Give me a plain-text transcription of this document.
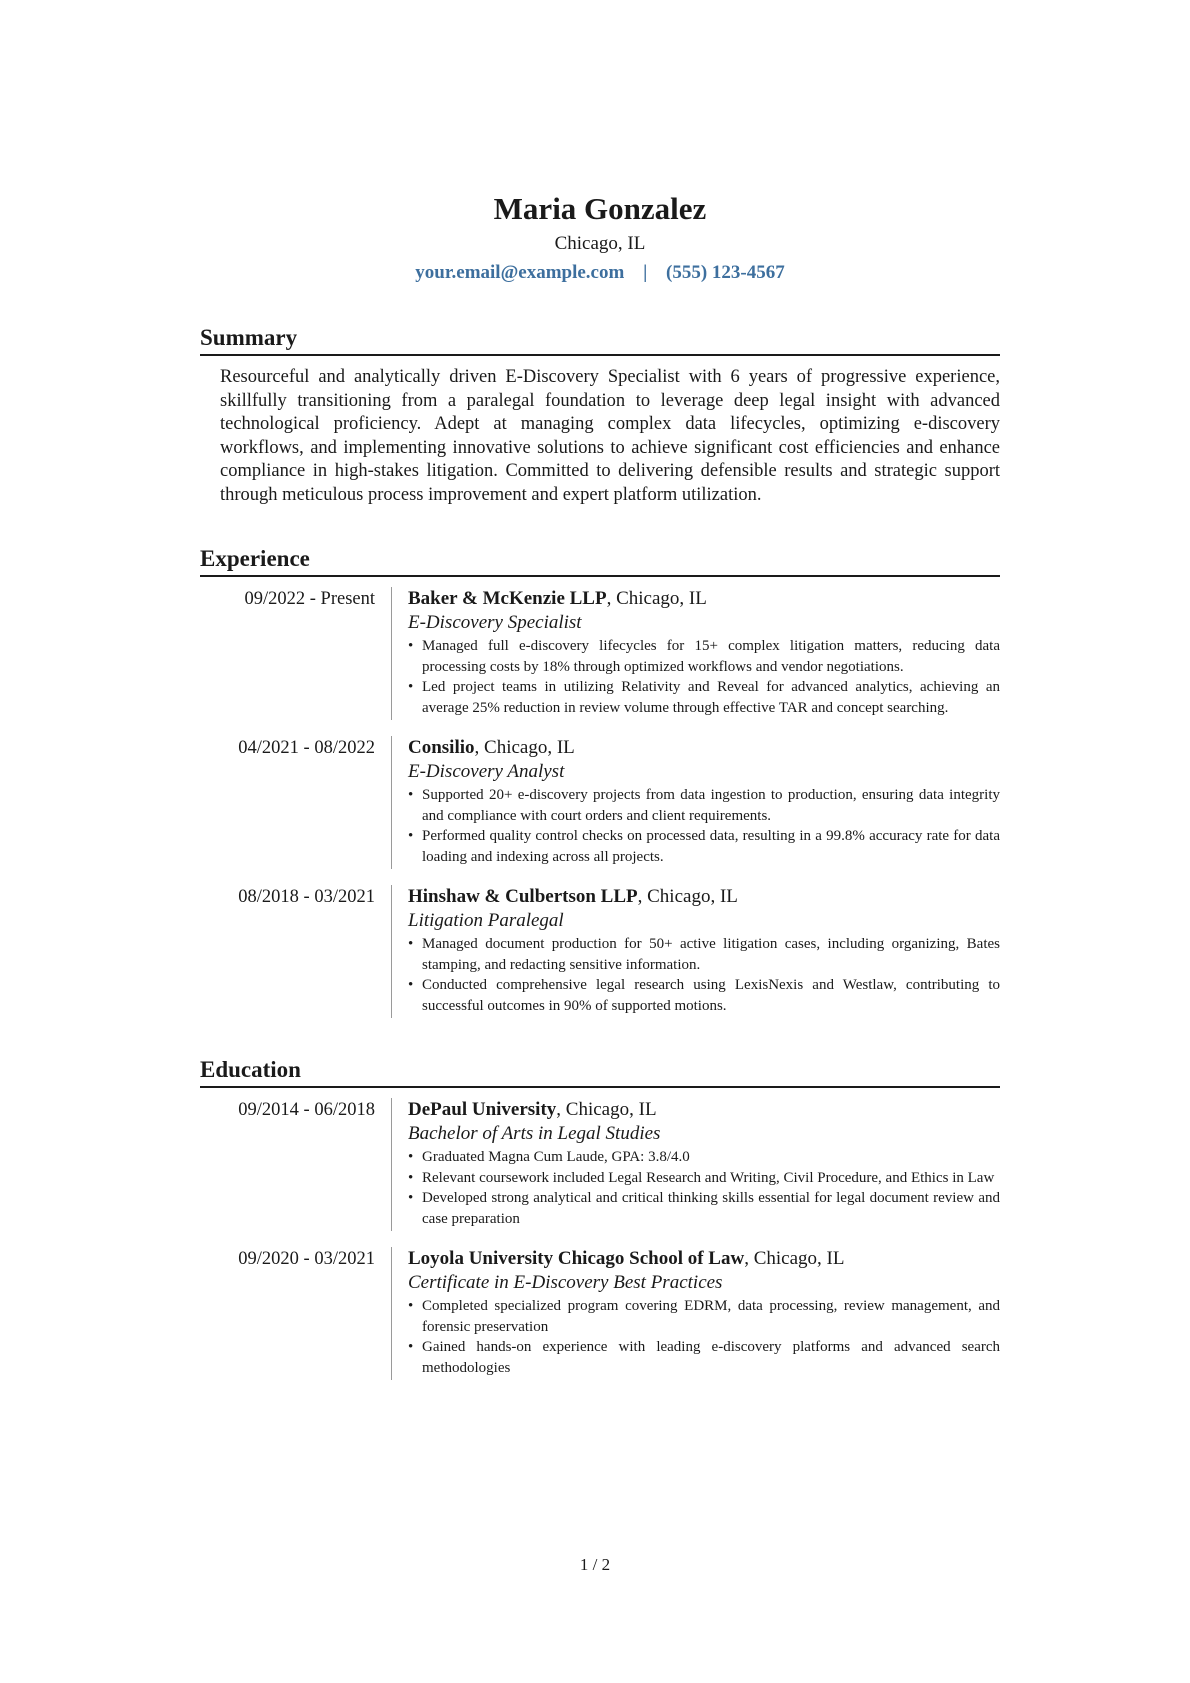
Maria Gonzalez
Chicago, IL
your.email@example.com | (555) 123-4567
Summary

Resourceful and analytically driven E-Discovery Specialist with 6 years of progressive experience, skillfully transitioning from a paralegal foundation to leverage deep legal insight with advanced technological proficiency. Adept at managing complex data lifecycles, optimizing e-discovery workflows, and implementing innovative solutions to achieve significant cost efficiencies and enhance compliance in high-stakes litigation. Committed to delivering defensible results and strategic support through meticulous process improvement and expert platform utilization.

Experience
09/2022 - Present	Baker & McKenzie LLP, Chicago, IL
E-Discovery Specialist
• Managed full e-discovery lifecycles for 15+ complex litigation matters, reducing data processing costs by 18% through optimized workflows and vendor negotiations.
• Led project teams in utilizing Relativity and Reveal for advanced analytics, achieving an average 25% reduction in review volume through effective TAR and concept searching.
04/2021 - 08/2022	Consilio, Chicago, IL
E-Discovery Analyst
• Supported 20+ e-discovery projects from data ingestion to production, ensuring data integrity and compliance with court orders and client requirements.
• Performed quality control checks on processed data, resulting in a 99.8% accuracy rate for data loading and indexing across all projects.
08/2018 - 03/2021	Hinshaw & Culbertson LLP, Chicago, IL
Litigation Paralegal
• Managed document production for 50+ active litigation cases, including organizing, Bates stamping, and redacting sensitive information.
• Conducted comprehensive legal research using LexisNexis and Westlaw, contributing to successful outcomes in 90% of supported motions.
Education
09/2014 - 06/2018	DePaul University, Chicago, IL
Bachelor of Arts in Legal Studies
• Graduated Magna Cum Laude, GPA: 3.8/4.0
• Relevant coursework included Legal Research and Writing, Civil Procedure, and Ethics in Law
• Developed strong analytical and critical thinking skills essential for legal document review and case preparation
09/2020 - 03/2021	Loyola University Chicago School of Law, Chicago, IL
Certificate in E-Discovery Best Practices
• Completed specialized program covering EDRM, data processing, review management, and forensic preservation
• Gained hands-on experience with leading e-discovery platforms and advanced search methodologies
1 / 2
